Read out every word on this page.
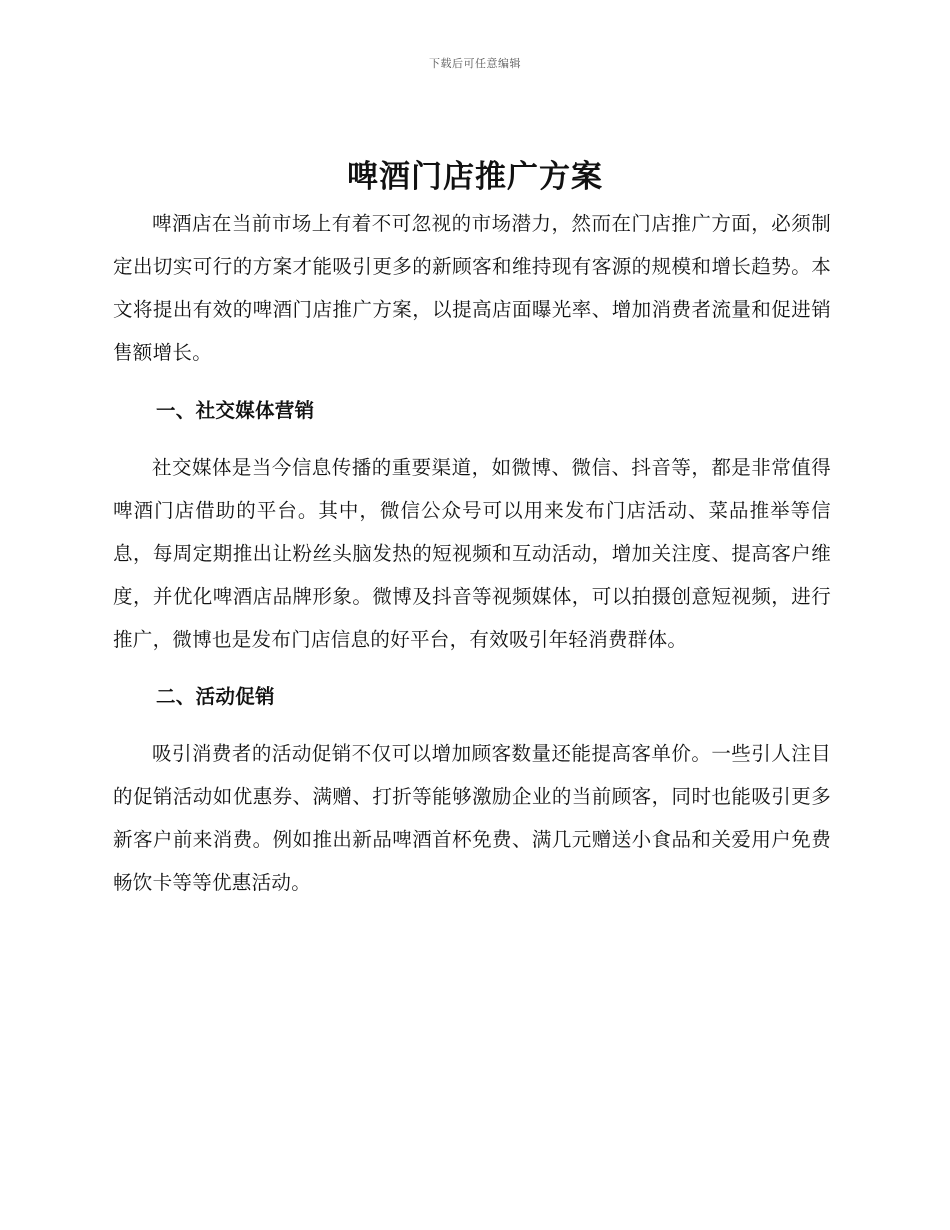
下载后可任意编辑
啤酒门店推广方案

啤酒店在当前市场上有着不可忽视的市场潜力，然而在门店推广方面，必须制定出切实可行的方案才能吸引更多的新顾客和维持现有客源的规模和增长趋势。本文将提出有效的啤酒门店推广方案，以提高店面曝光率、增加消费者流量和促进销售额增长。

一、社交媒体营销

社交媒体是当今信息传播的重要渠道，如微博、微信、抖音等，都是非常值得啤酒门店借助的平台。其中，微信公众号可以用来发布门店活动、菜品推举等信息，每周定期推出让粉丝头脑发热的短视频和互动活动，增加关注度、提高客户维度，并优化啤酒店品牌形象。微博及抖音等视频媒体，可以拍摄创意短视频，进行推广，微博也是发布门店信息的好平台，有效吸引年轻消费群体。

二、活动促销

吸引消费者的活动促销不仅可以增加顾客数量还能提高客单价。一些引人注目的促销活动如优惠券、满赠、打折等能够激励企业的当前顾客，同时也能吸引更多新客户前来消费。例如推出新品啤酒首杯免费、满几元赠送小食品和关爱用户免费畅饮卡等等优惠活动。
